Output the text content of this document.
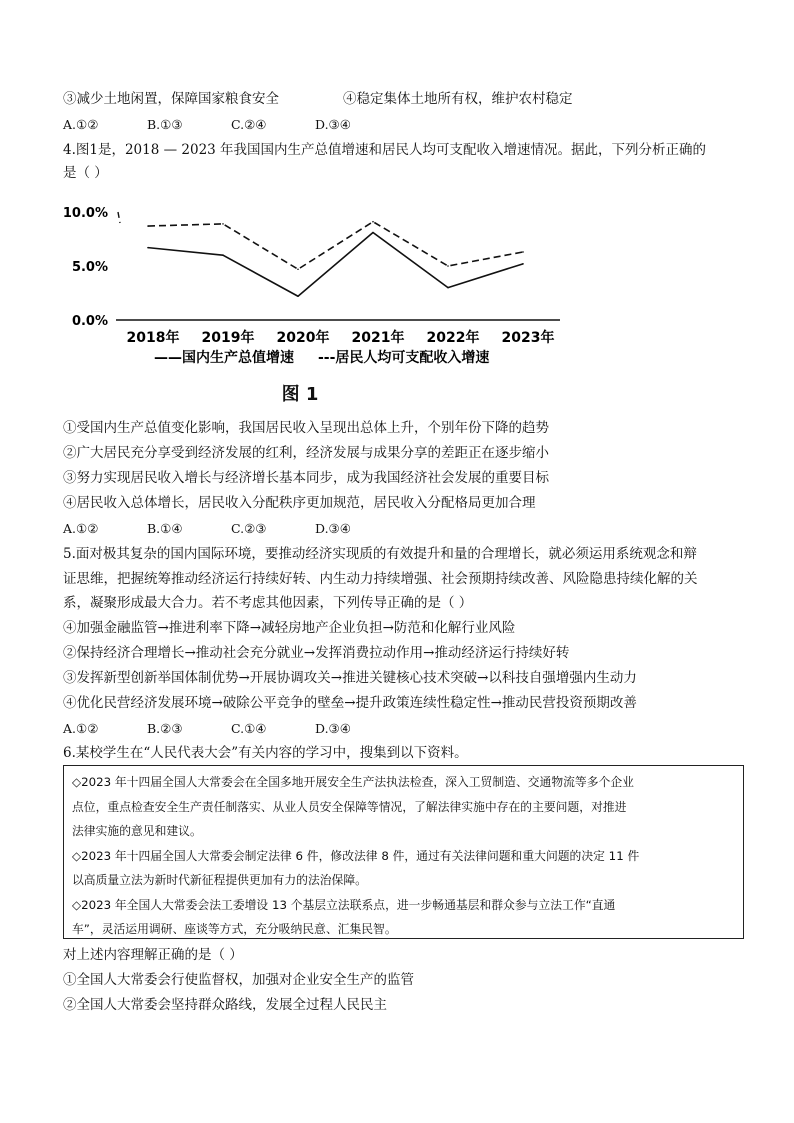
③减少土地闲置，保障国家粮食安全	④稳定集体土地所有权，维护农村稳定
A.①②	B.①③	C.②④	D.③④
4.图1是，2018 — 2023 年我国国内生产总值增速和居民人均可支配收入增速情况。据此，下列分析正确的
是（ ）
10.0%
5.0%
0.0%
2018年 2019年 2020年 2021年 2022年 2023年
——国内生产总值增速 ---居民人均可支配收入增速
图 1
①受国内生产总值变化影响，我国居民收入呈现出总体上升，个别年份下降的趋势
②广大居民充分享受到经济发展的红利，经济发展与成果分享的差距正在逐步缩小
③努力实现居民收入增长与经济增长基本同步，成为我国经济社会发展的重要目标
④居民收入总体增长，居民收入分配秩序更加规范，居民收入分配格局更加合理
A.①②	B.①④	C.②③	D.③④
5.面对极其复杂的国内国际环境，要推动经济实现质的有效提升和量的合理增长，就必须运用系统观念和辩
证思维，把握统筹推动经济运行持续好转、内生动力持续增强、社会预期持续改善、风险隐患持续化解的关
系，凝聚形成最大合力。若不考虑其他因素，下列传导正确的是（ ）
④加强金融监管→推进利率下降→减轻房地产企业负担→防范和化解行业风险
②保持经济合理增长→推动社会充分就业→发挥消费拉动作用→推动经济运行持续好转
③发挥新型创新举国体制优势→开展协调攻关→推进关键核心技术突破→以科技自强增强内生动力
④优化民营经济发展环境→破除公平竞争的壁垒→提升政策连续性稳定性→推动民营投资预期改善
A.①②	B.②③	C.①④	D.③④
6.某校学生在“人民代表大会”有关内容的学习中，搜集到以下资料。

◇2023 年十四届全国人大常委会在全国多地开展安全生产法执法检查，深入工贸制造、交通物流等多个企业

点位，重点检查安全生产责任制落实、从业人员安全保障等情况，了解法律实施中存在的主要问题，对推进

法律实施的意见和建议。

◇2023 年十四届全国人大常委会制定法律 6 件，修改法律 8 件，通过有关法律问题和重大问题的决定 11 件

以高质量立法为新时代新征程提供更加有力的法治保障。

◇2023 年全国人大常委会法工委增设 13 个基层立法联系点，进一步畅通基层和群众参与立法工作“直通

车”，灵活运用调研、座谈等方式，充分吸纳民意、汇集民智。

对上述内容理解正确的是（ ）
①全国人大常委会行使监督权，加强对企业安全生产的监管
②全国人大常委会坚持群众路线，发展全过程人民民主
